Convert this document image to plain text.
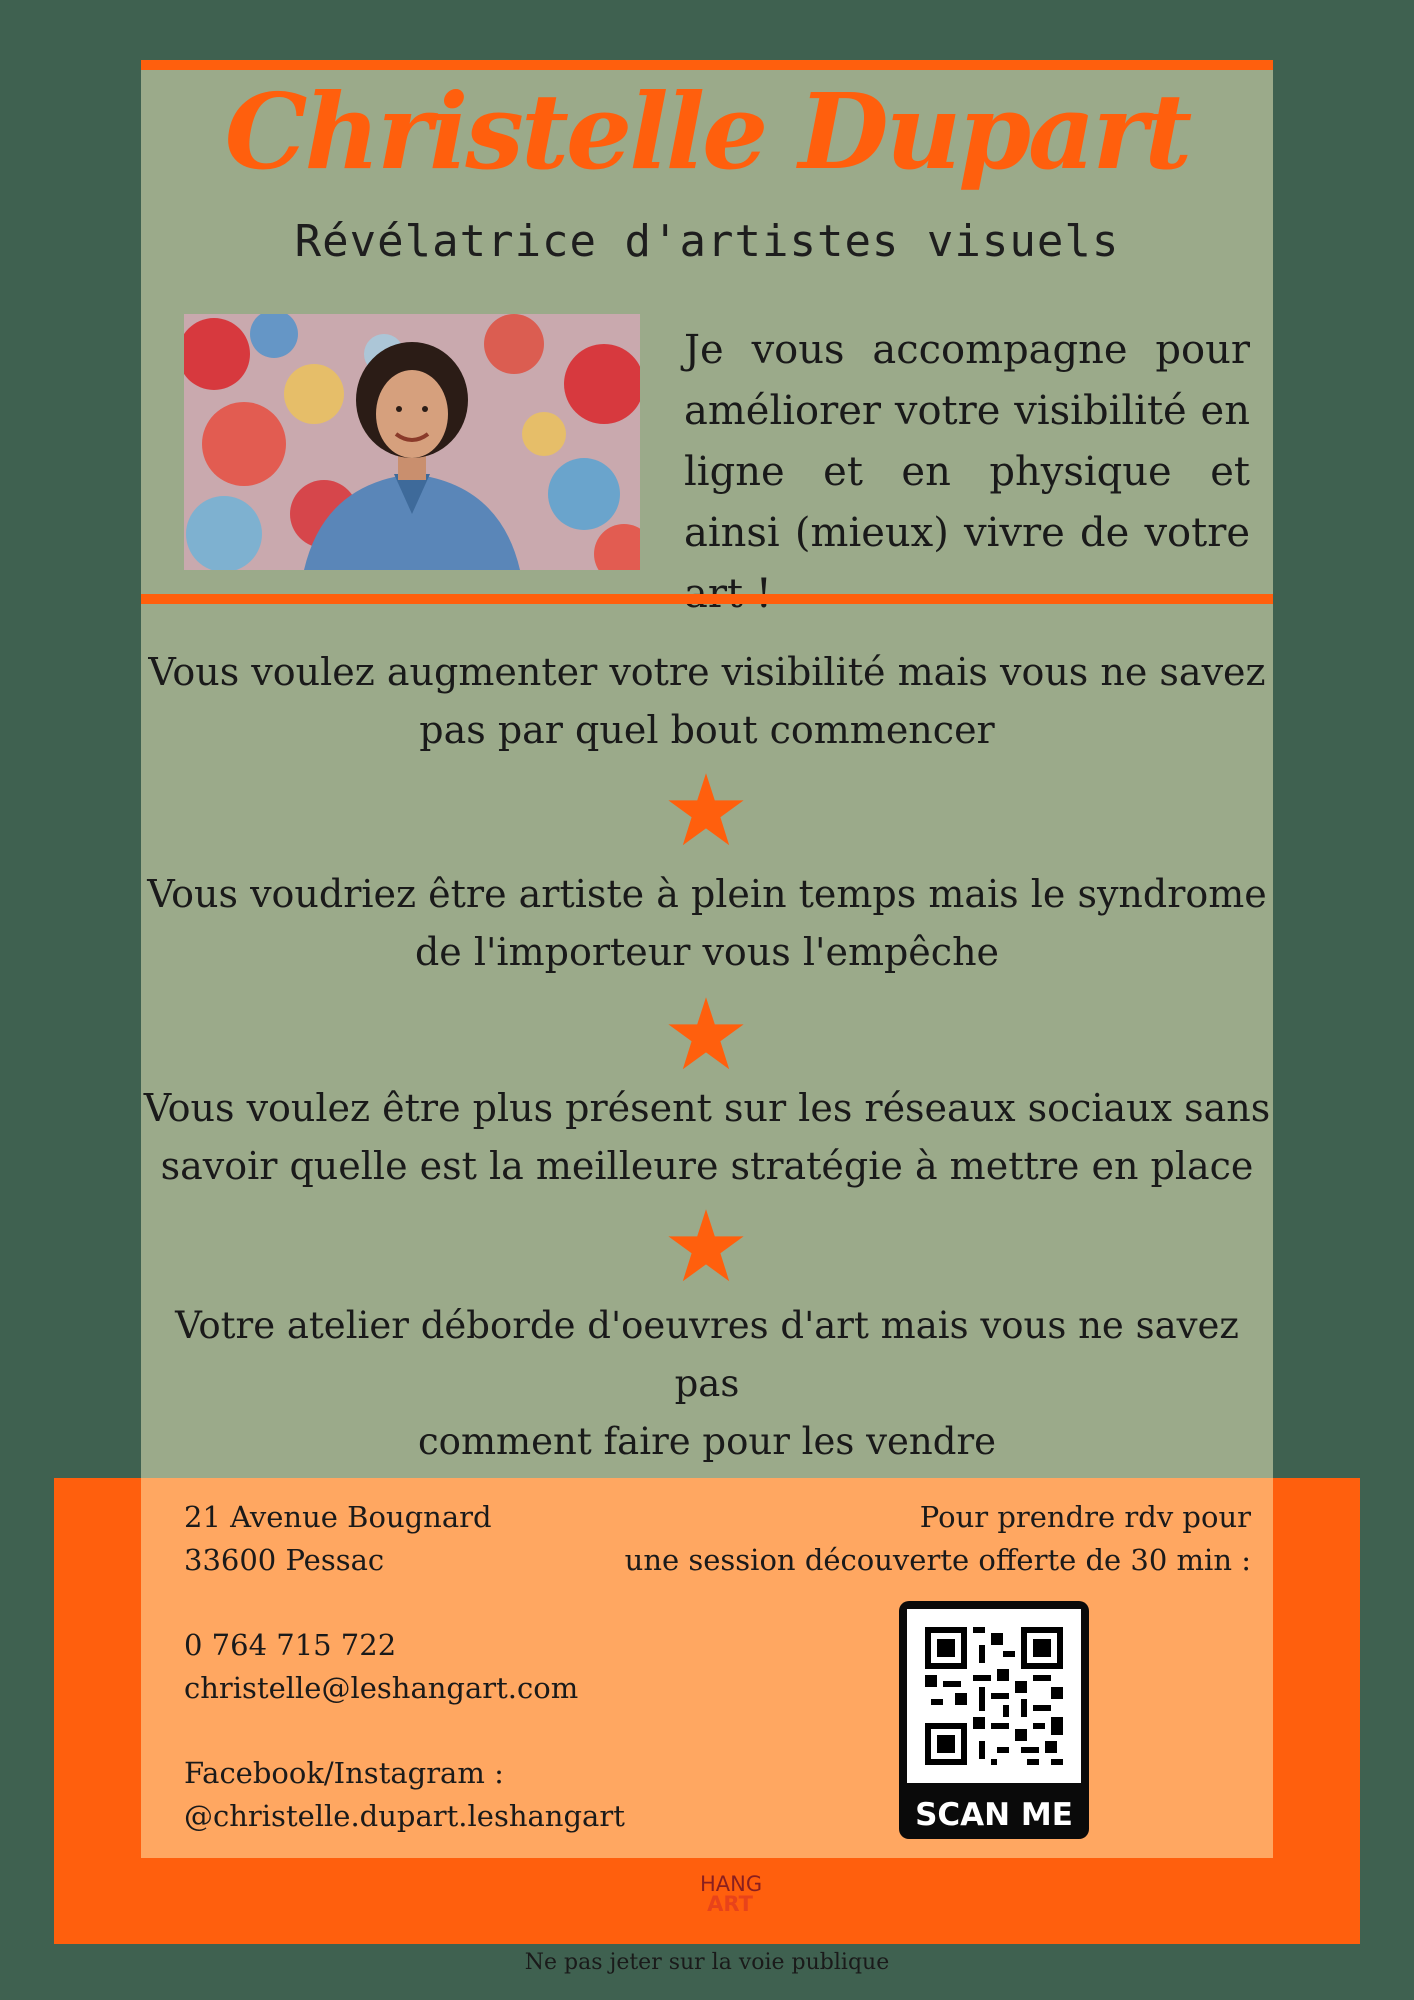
Christelle Dupart
Révélatrice d'artistes visuels
Je vous accompagne pour améliorer votre visibilité en ligne et en physique et ainsi (mieux) vivre de votre
Vous voulez augmenter votre visibilité mais vous ne savez
pas par quel bout commencer
Vous voudriez être artiste à plein temps mais le syndrome
de l'importeur vous l'empêche
Vous voulez être plus présent sur les réseaux sociaux sans
savoir quelle est la meilleure stratégie à mettre en place
Votre atelier déborde d'oeuvres d'art mais vous ne savez pas
comment faire pour les vendre
21 Avenue Bougnard
33600 Pessac
0 764 715 722
christelle@leshangart.com
Facebook/Instagram :
@christelle.dupart.leshangart
Pour prendre rdv pour
une session découverte offerte de 30 min :
SCAN ME
HANG
ART
Ne pas jeter sur la voie publique
